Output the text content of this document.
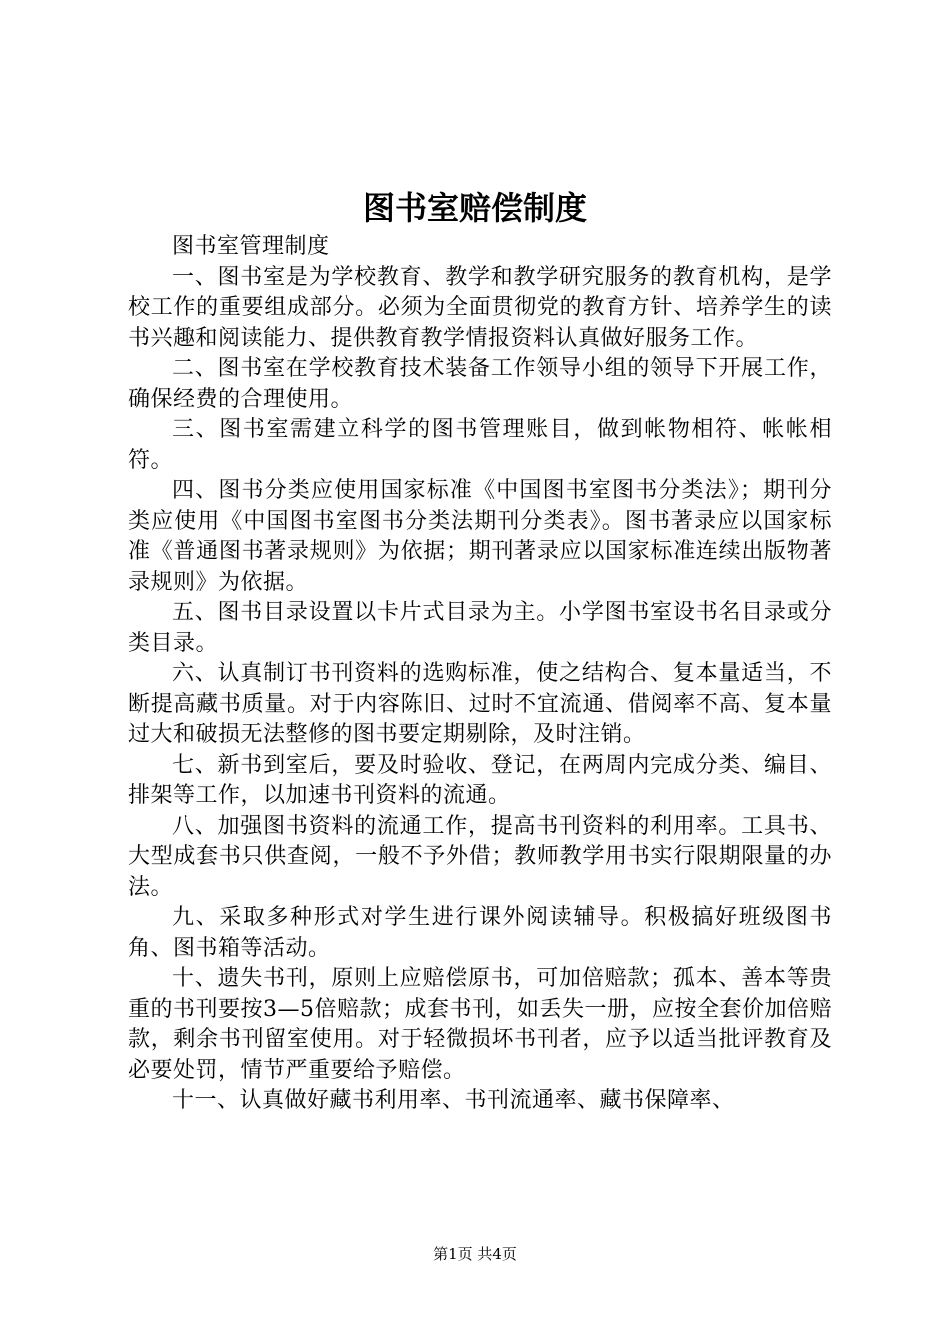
图书室赔偿制度

图书室管理制度

一、图书室是为学校教育、教学和教学研究服务的教育机构，是学校工作的重要组成部分。必须为全面贯彻党的教育方针、培养学生的读书兴趣和阅读能力、提供教育教学情报资料认真做好服务工作。

二、图书室在学校教育技术装备工作领导小组的领导下开展工作，确保经费的合理使用。

三、图书室需建立科学的图书管理账目，做到帐物相符、帐帐相符。

四、图书分类应使用国家标准《中国图书室图书分类法》；期刊分类应使用《中国图书室图书分类法期刊分类表》。图书著录应以国家标准《普通图书著录规则》为依据；期刊著录应以国家标准连续出版物著录规则》为依据。

五、图书目录设置以卡片式目录为主。小学图书室设书名目录或分类目录。

六、认真制订书刊资料的选购标准，使之结构合、复本量适当，不断提高藏书质量。对于内容陈旧、过时不宜流通、借阅率不高、复本量过大和破损无法整修的图书要定期剔除，及时注销。

七、新书到室后，要及时验收、登记，在两周内完成分类、编目、排架等工作，以加速书刊资料的流通。

八、加强图书资料的流通工作，提高书刊资料的利用率。工具书、大型成套书只供查阅，一般不予外借；教师教学用书实行限期限量的办法。

九、采取多种形式对学生进行课外阅读辅导。积极搞好班级图书角、图书箱等活动。

十、遗失书刊，原则上应赔偿原书，可加倍赔款；孤本、善本等贵重的书刊要按3—5倍赔款；成套书刊，如丢失一册，应按全套价加倍赔款，剩余书刊留室使用。对于轻微损坏书刊者，应予以适当批评教育及必要处罚，情节严重要给予赔偿。

十一、认真做好藏书利用率、书刊流通率、藏书保障率、

第1页 共4页
